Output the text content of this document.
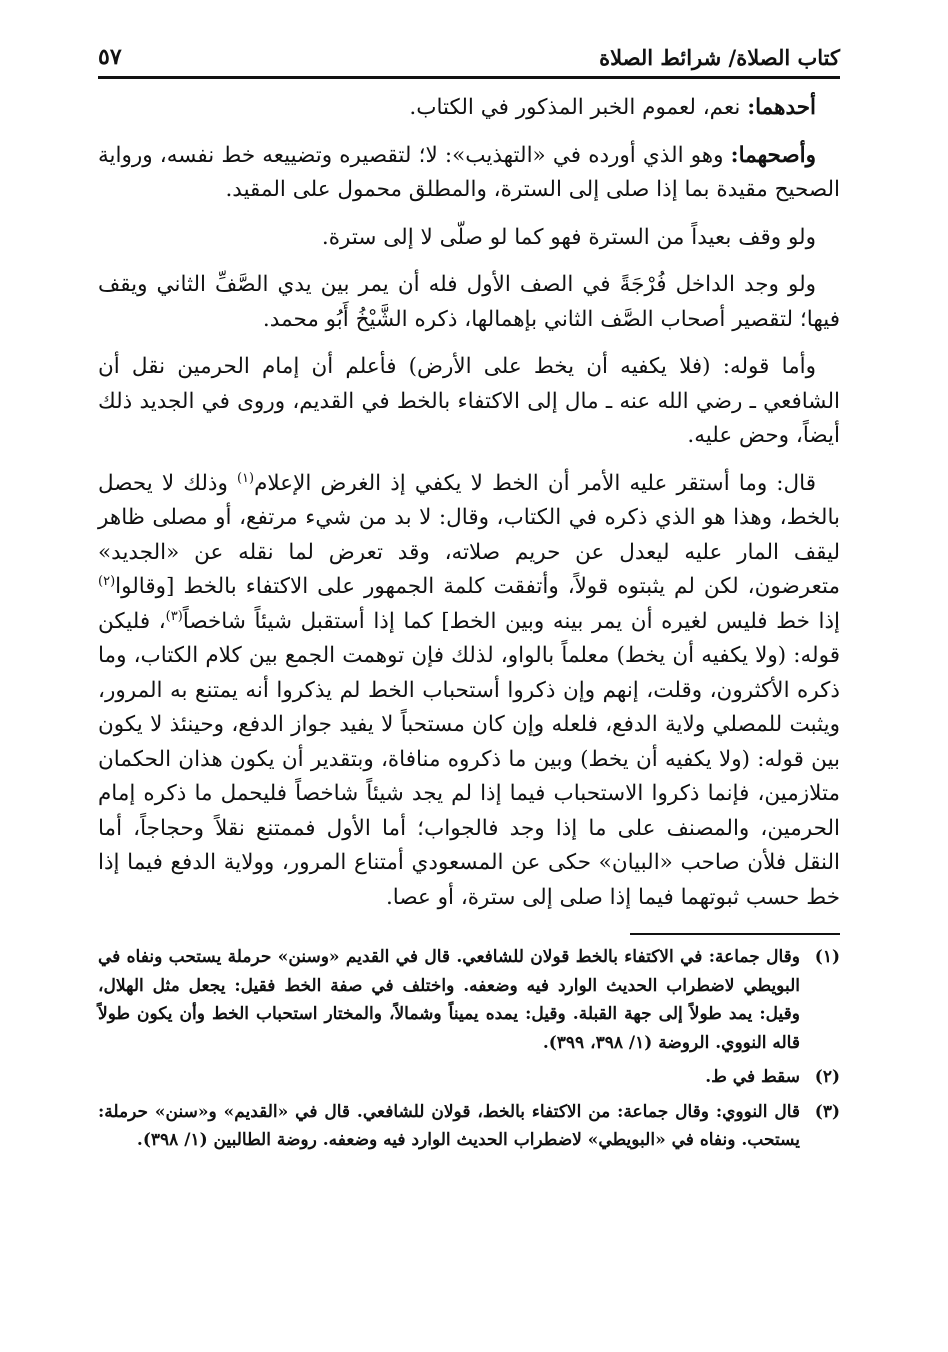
كتاب الصلاة/ شرائط الصلاة
٥٧

أحدهما: نعم، لعموم الخبر المذكور في الكتاب.

وأصحهما: وهو الذي أورده في «التهذيب»: لا؛ لتقصيره وتضييعه خط نفسه، ورواية الصحيح مقيدة بما إذا صلى إلى السترة، والمطلق محمول على المقيد.

ولو وقف بعيداً من السترة فهو كما لو صلّى لا إلى سترة.

ولو وجد الداخل فُرْجَةً في الصف الأول فله أن يمر بين يدي الصَّفِّ الثاني ويقف فيها؛ لتقصير أصحاب الصَّف الثاني بإهمالها، ذكره الشَّيْخُ أَبُو محمد.

وأما قوله: (فلا يكفيه أن يخط على الأرض) فأعلم أن إمام الحرمين نقل أن الشافعي ـ رضي الله عنه ـ مال إلى الاكتفاء بالخط في القديم، وروى في الجديد ذلك أيضاً، وحض عليه.

قال: وما أستقر عليه الأمر أن الخط لا يكفي إذ الغرض الإعلام$^{(١)}$ وذلك لا يحصل بالخط، وهذا هو الذي ذكره في الكتاب، وقال: لا بد من شيء مرتفع، أو مصلى ظاهر ليقف المار عليه ليعدل عن حريم صلاته، وقد تعرض لما نقله عن «الجديد» متعرضون، لكن لم يثبتوه قولاً، وأتفقت كلمة الجمهور على الاكتفاء بالخط [وقالوا$^{(٢)}$ إذا خط فليس لغيره أن يمر بينه وبين الخط] كما إذا أستقبل شيئاً شاخصاً$^{(٣)}$، فليكن قوله: (ولا يكفيه أن يخط) معلماً بالواو، لذلك فإن توهمت الجمع بين كلام الكتاب، وما ذكره الأكثرون، وقلت، إنهم وإن ذكروا أستحباب الخط لم يذكروا أنه يمتنع به المرور، ويثبت للمصلي ولاية الدفع، فلعله وإن كان مستحباً لا يفيد جواز الدفع، وحينئذ لا يكون بين قوله: (ولا يكفيه أن يخط) وبين ما ذكروه منافاة، وبتقدير أن يكون هذان الحكمان متلازمين، فإنما ذكروا الاستحباب فيما إذا لم يجد شيئاً شاخصاً فليحمل ما ذكره إمام الحرمين، والمصنف على ما إذا وجد فالجواب؛ أما الأول فممتنع نقلاً وحجاجاً، أما النقل فلأن صاحب «البيان» حكى عن المسعودي أمتناع المرور، وولاية الدفع فيما إذا خط حسب ثبوتهما فيما إذا صلى إلى سترة، أو عصا.

(١)
وقال جماعة: في الاكتفاء بالخط قولان للشافعي. قال في القديم «وسنن» حرملة يستحب ونفاه في البويطي لاضطراب الحديث الوارد فيه وضعفه. واختلف في صفة الخط فقيل: يجعل مثل الهلال، وقيل: يمد طولاً إلى جهة القبلة. وقيل: يمده يميناً وشمالاً، والمختار استحباب الخط وأن يكون طولاً قاله النووي. الروضة (١/ ٣٩٨، ٣٩٩).
(٢)
سقط في ط.
(٣)
قال النووي: وقال جماعة: من الاكتفاء بالخط، قولان للشافعي. قال في «القديم» و«سنن» حرملة: يستحب. ونفاه في «البويطي» لاضطراب الحديث الوارد فيه وضعفه. روضة الطالبين (١/ ٣٩٨).
